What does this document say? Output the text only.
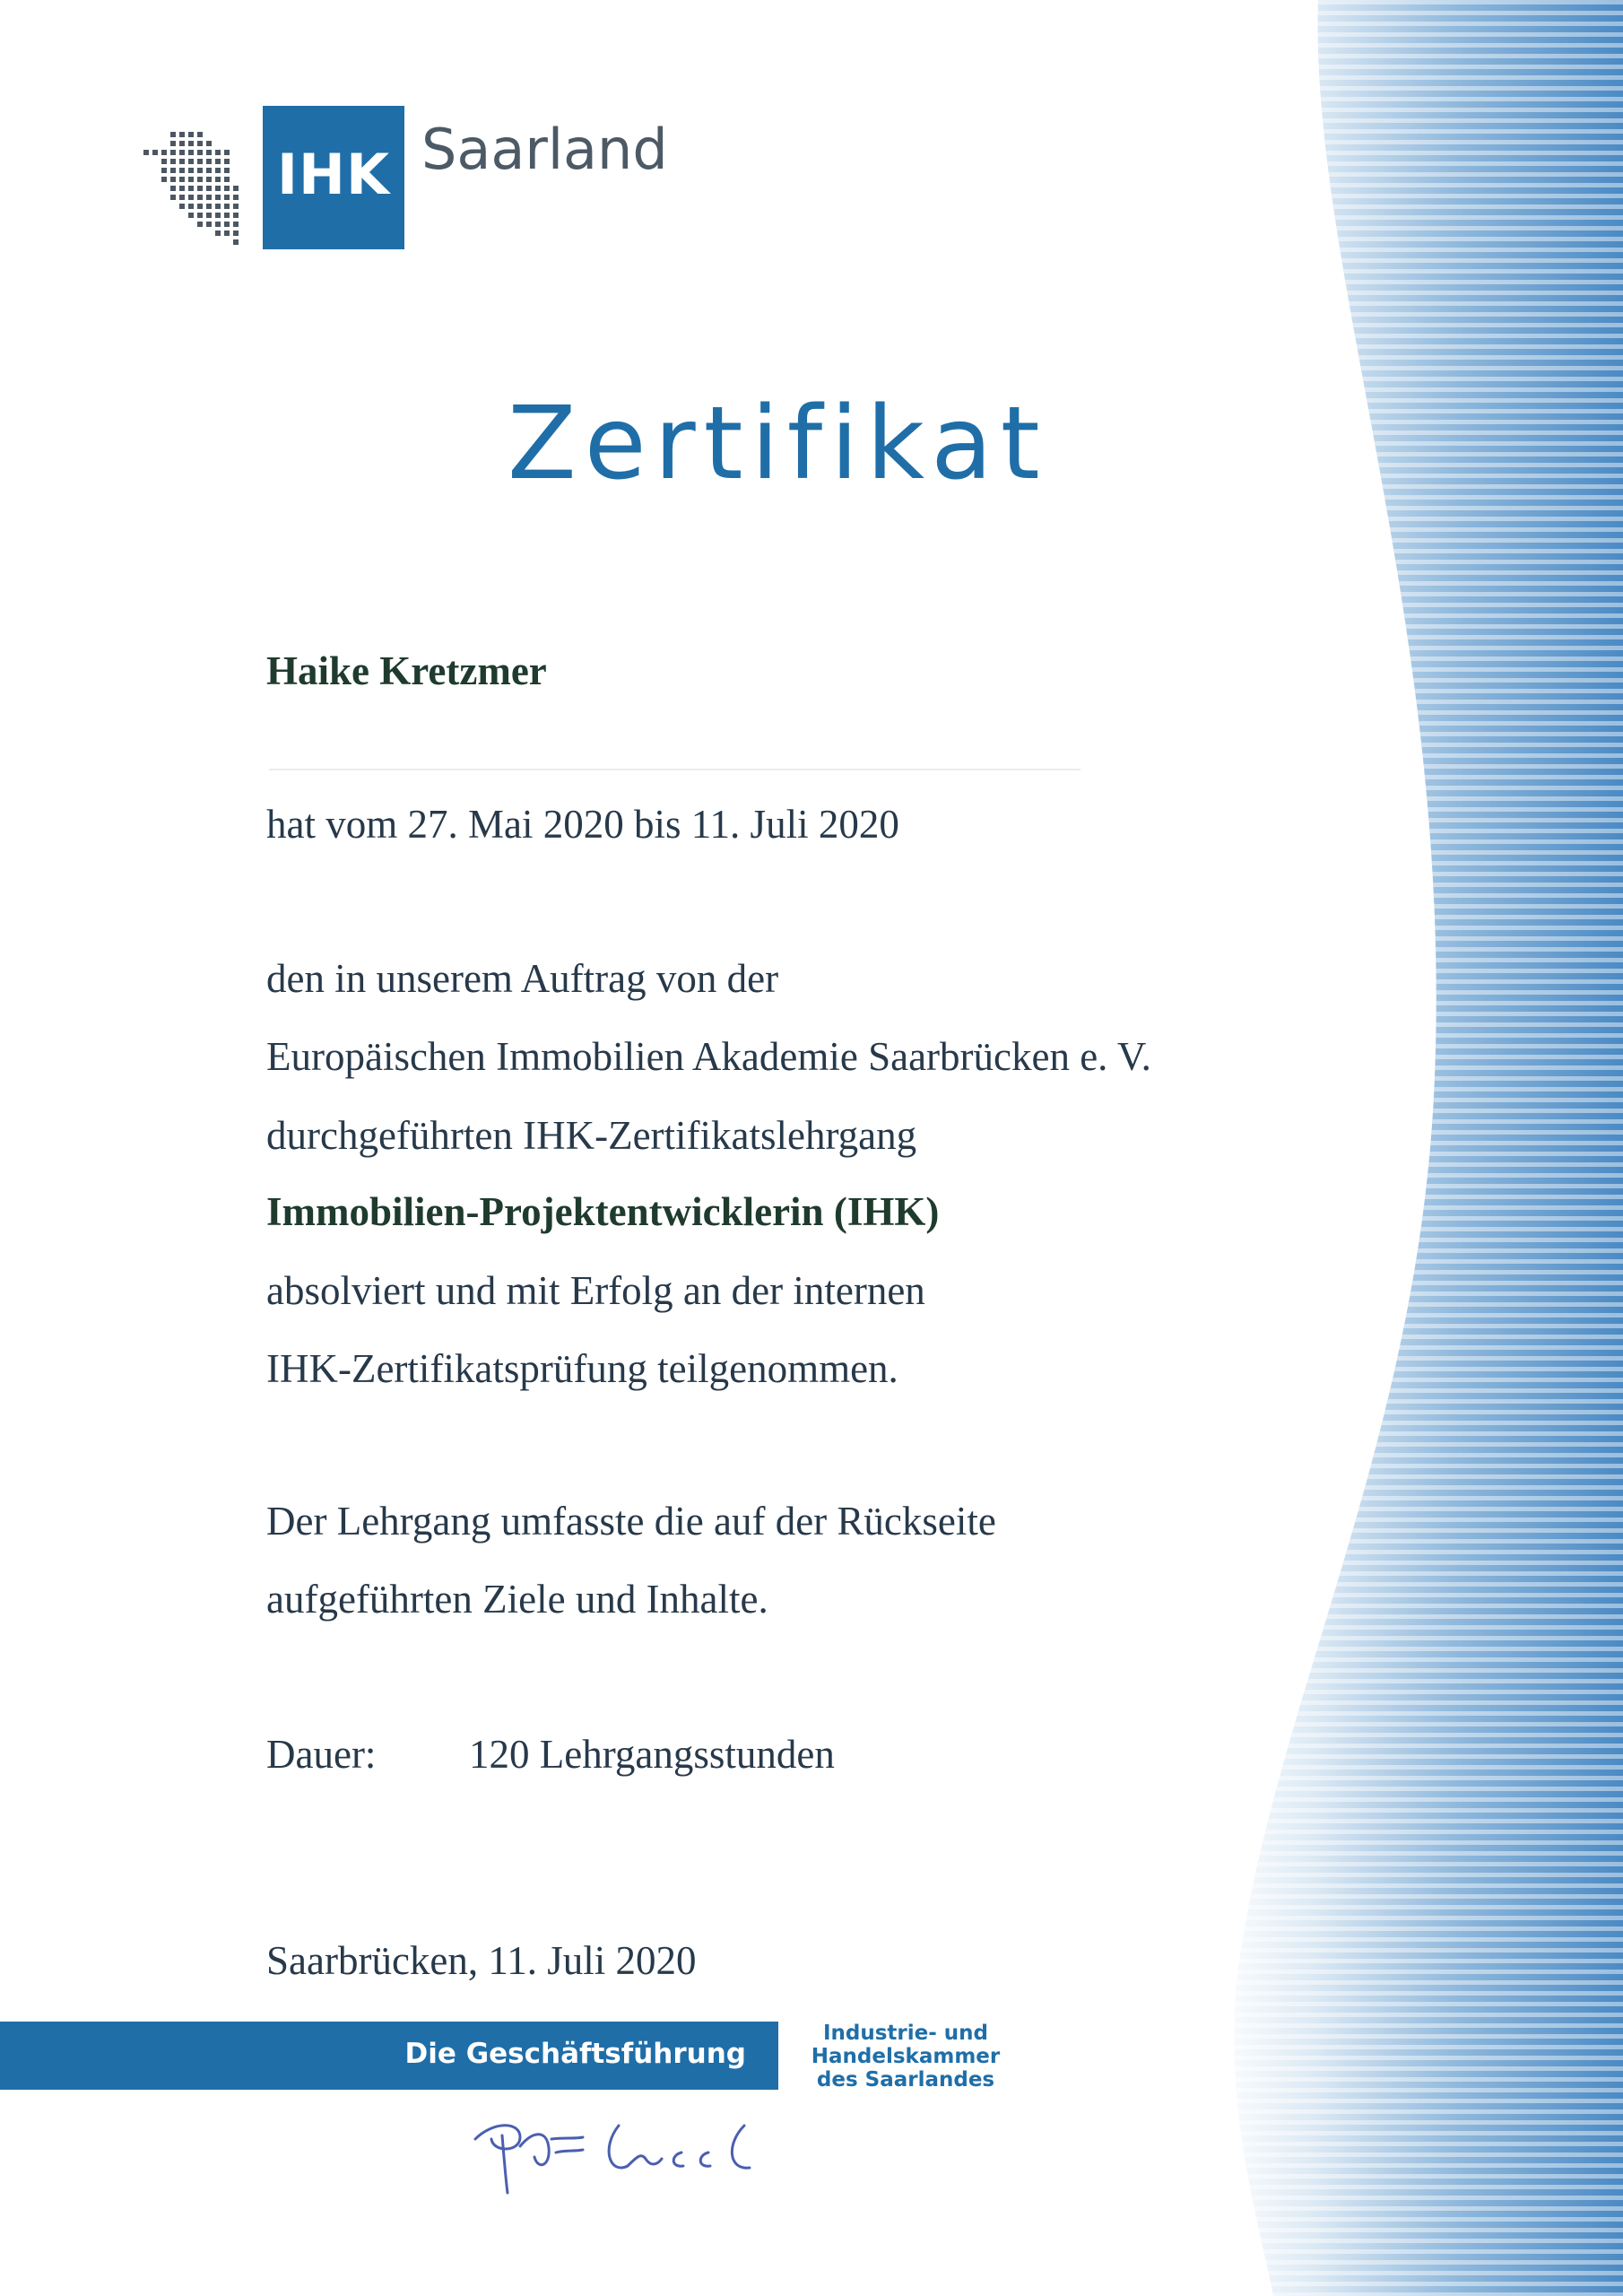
IHK Saarland
Zertifikat
Haike Kretzmer
hat vom 27. Mai 2020 bis 11. Juli 2020
den in unserem Auftrag von der
Europäischen Immobilien Akademie Saarbrücken e. V.
durchgeführten IHK-Zertifikatslehrgang
Immobilien-Projektentwicklerin (IHK)
absolviert und mit Erfolg an der internen
IHK-Zertifikatsprüfung teilgenommen.
Der Lehrgang umfasste die auf der Rückseite
aufgeführten Ziele und Inhalte.
Dauer: 120 Lehrgangsstunden
Saarbrücken, 11. Juli 2020
Die Geschäftsführung
Industrie- und
Handelskammer
des Saarlandes
